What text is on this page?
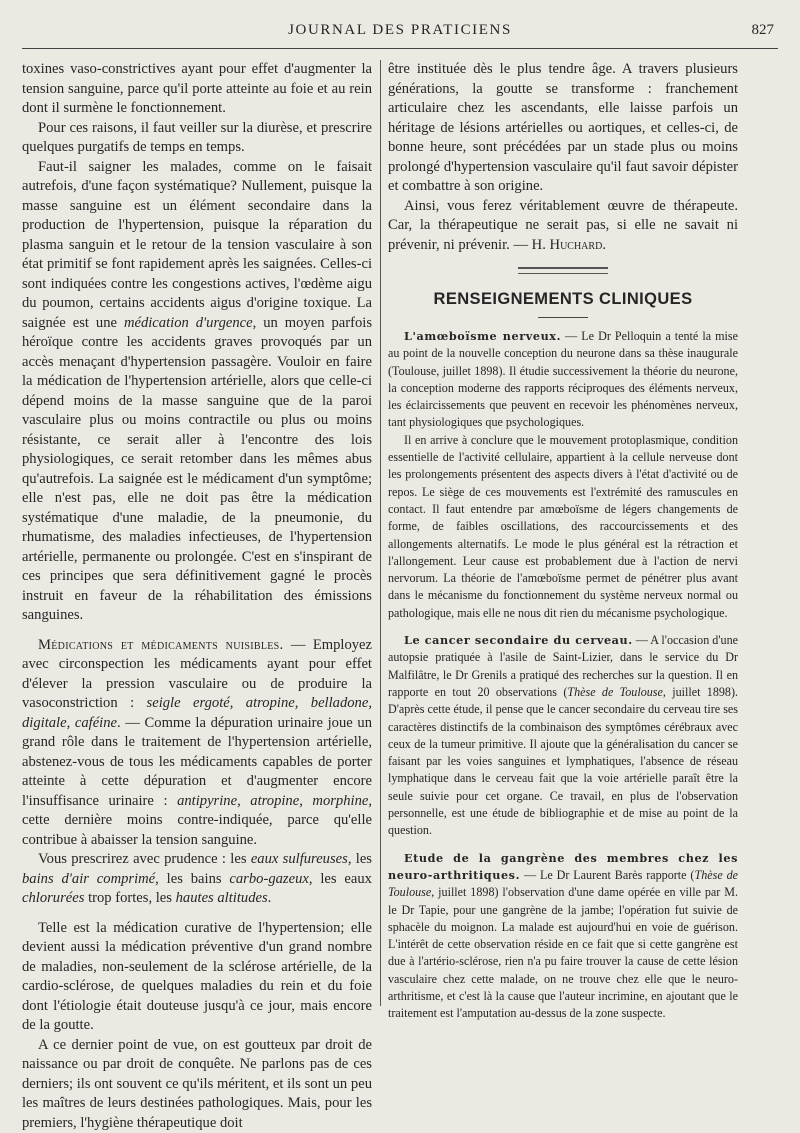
JOURNAL DES PRATICIENS	827

toxines vaso-constrictives ayant pour effet d'augmenter la tension sanguine, parce qu'il porte atteinte au foie et au rein dont il surmène le fonctionnement.

Pour ces raisons, il faut veiller sur la diurèse, et prescrire quelques purgatifs de temps en temps.

Faut-il saigner les malades, comme on le faisait autrefois, d'une façon systématique? Nullement, puisque la masse sanguine est un élément secondaire dans la production de l'hypertension, puisque la réparation du plasma sanguin et le retour de la tension vasculaire à son état primitif se font rapidement après les saignées. Celles-ci sont indiquées contre les congestions actives, l'œdème aigu du poumon, certains accidents aigus d'origine toxique. La saignée est une médication d'urgence, un moyen parfois héroïque contre les accidents graves provoqués par un accès menaçant d'hypertension passagère. Vouloir en faire la médication de l'hypertension artérielle, alors que celle-ci dépend moins de la masse sanguine que de la paroi vasculaire plus ou moins contractile ou plus ou moins résistante, ce serait aller à l'encontre des lois physiologiques, ce serait retomber dans les mêmes abus qu'autrefois. La saignée est le médicament d'un symptôme; elle n'est pas, elle ne doit pas être la médication systématique d'une maladie, de la pneumonie, du rhumatisme, des maladies infectieuses, de l'hypertension artérielle, permanente ou prolongée. C'est en s'inspirant de ces principes que sera définitivement gagné le procès instruit en faveur de la réhabilitation des émissions sanguines.

Médications et médicaments nuisibles. — Employez avec circonspection les médicaments ayant pour effet d'élever la pression vasculaire ou de produire la vasoconstriction : seigle ergoté, atropine, belladone, digitale, caféine. — Comme la dépuration urinaire joue un grand rôle dans le traitement de l'hypertension artérielle, abstenez-vous de tous les médicaments capables de porter atteinte à cette dépuration et d'augmenter encore l'insuffisance urinaire : antipyrine, atropine, morphine, cette dernière moins contre-indiquée, parce qu'elle contribue à abaisser la tension sanguine.

Vous prescrirez avec prudence : les eaux sulfureuses, les bains d'air comprimé, les bains carbo-gazeux, les eaux chlorurées trop fortes, les hautes altitudes.

Telle est la médication curative de l'hypertension; elle devient aussi la médication préventive d'un grand nombre de maladies, non-seulement de la sclérose artérielle, de la cardio-sclérose, de quelques maladies du rein et du foie dont l'étiologie était douteuse jusqu'à ce jour, mais encore de la goutte.

A ce dernier point de vue, on est goutteux par droit de naissance ou par droit de conquête. Ne parlons pas de ces derniers; ils ont souvent ce qu'ils méritent, et ils sont un peu les maîtres de leurs destinées pathologiques. Mais, pour les premiers, l'hygiène thérapeutique doit

être instituée dès le plus tendre âge. A travers plusieurs générations, la goutte se transforme : franchement articulaire chez les ascendants, elle laisse parfois un héritage de lésions artérielles ou aortiques, et celles-ci, de bonne heure, sont précédées par un stade plus ou moins prolongé d'hypertension vasculaire qu'il faut savoir dépister et combattre à son origine.

Ainsi, vous ferez véritablement œuvre de thérapeute. Car, la thérapeutique ne serait pas, si elle ne savait ni prévenir, ni prévenir. — H. Huchard.

RENSEIGNEMENTS CLINIQUES

L'amœboïsme nerveux. — Le Dr Pelloquin a tenté la mise au point de la nouvelle conception du neurone dans sa thèse inaugurale (Toulouse, juillet 1898). Il étudie successivement la théorie du neurone, la conception moderne des rapports réciproques des éléments nerveux, les éclaircissements que peuvent en recevoir les phénomènes nerveux, tant physiologiques que psychologiques.

Il en arrive à conclure que le mouvement protoplasmique, condition essentielle de l'activité cellulaire, appartient à la cellule nerveuse dont les prolongements présentent des aspects divers à l'état d'activité ou de repos. Le siège de ces mouvements est l'extrémité des ramuscules en contact. Il faut entendre par amœboïsme de légers changements de forme, de faibles oscillations, des raccourcissements et des allongements alternatifs. Le mode le plus général est la rétraction et l'allongement. Leur cause est probablement due à l'action de nervi nervorum. La théorie de l'amœboïsme permet de pénétrer plus avant dans le mécanisme du fonctionnement du système nerveux normal ou pathologique, mais elle ne nous dit rien du mécanisme psychologique.

Le cancer secondaire du cerveau. — A l'occasion d'une autopsie pratiquée à l'asile de Saint-Lizier, dans le service du Dr Malfilâtre, le Dr Grenils a pratiqué des recherches sur la question. Il en rapporte en tout 20 observations (Thèse de Toulouse, juillet 1898). D'après cette étude, il pense que le cancer secondaire du cerveau tire ses caractères distinctifs de la combinaison des symptômes cérébraux avec ceux de la tumeur primitive. Il ajoute que la généralisation du cancer se faisant par les voies sanguines et lymphatiques, l'absence de réseau lymphatique dans le cerveau fait que la voie artérielle paraît être la seule suivie pour cet organe. Ce travail, en plus de l'observation personnelle, est une étude de bibliographie et de mise au point de la question.

Etude de la gangrène des membres chez les neuro-arthritiques. — Le Dr Laurent Barès rapporte (Thèse de Toulouse, juillet 1898) l'observation d'une dame opérée en ville par M. le Dr Tapie, pour une gangrène de la jambe; l'opération fut suivie de sphacèle du moignon. La malade est aujourd'hui en voie de guérison. L'intérêt de cette observation réside en ce fait que si cette gangrène est due à l'artério-sclérose, rien n'a pu faire trouver la cause de cette lésion vasculaire chez cette malade, on ne trouve chez elle que le neuro-arthritisme, et c'est là la cause que l'auteur incrimine, en ajoutant que le traitement est l'amputation au-dessus de la zone suspecte.
